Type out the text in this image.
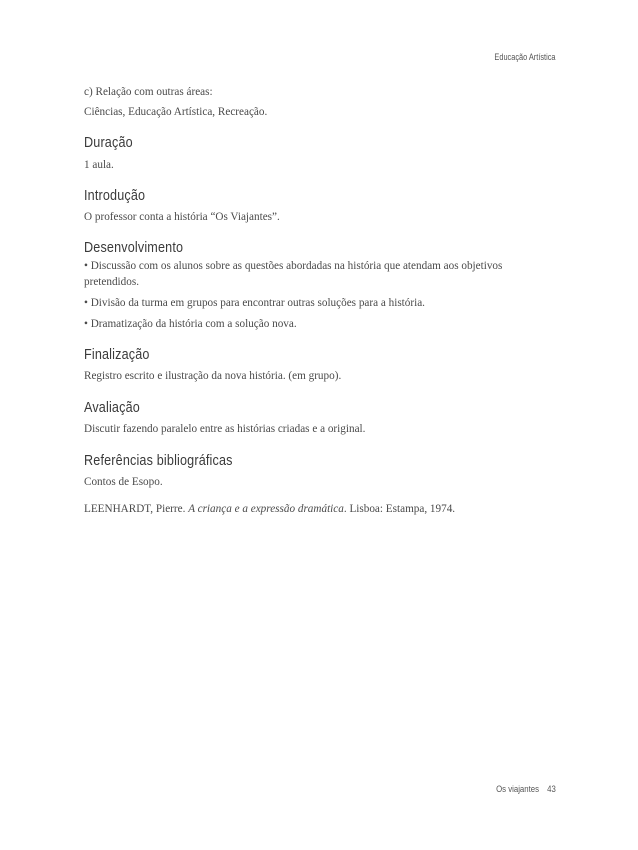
Educação Artística

c) Relação com outras áreas:

Ciências, Educação Artística, Recreação.

Duração

1 aula.

Introdução

O professor conta a história “Os Viajantes”.

Desenvolvimento

• Discussão com os alunos sobre as questões abordadas na história que atendam aos objetivos pretendidos.

• Divisão da turma em grupos para encontrar outras soluções para a história.

• Dramatização da história com a solução nova.

Finalização

Registro escrito e ilustração da nova história. (em grupo).

Avaliação

Discutir fazendo paralelo entre as histórias criadas e a original.

Referências bibliográficas

Contos de Esopo.

LEENHARDT, Pierre. A criança e a expressão dramática. Lisboa: Estampa, 1974.

Os viajantes 43
